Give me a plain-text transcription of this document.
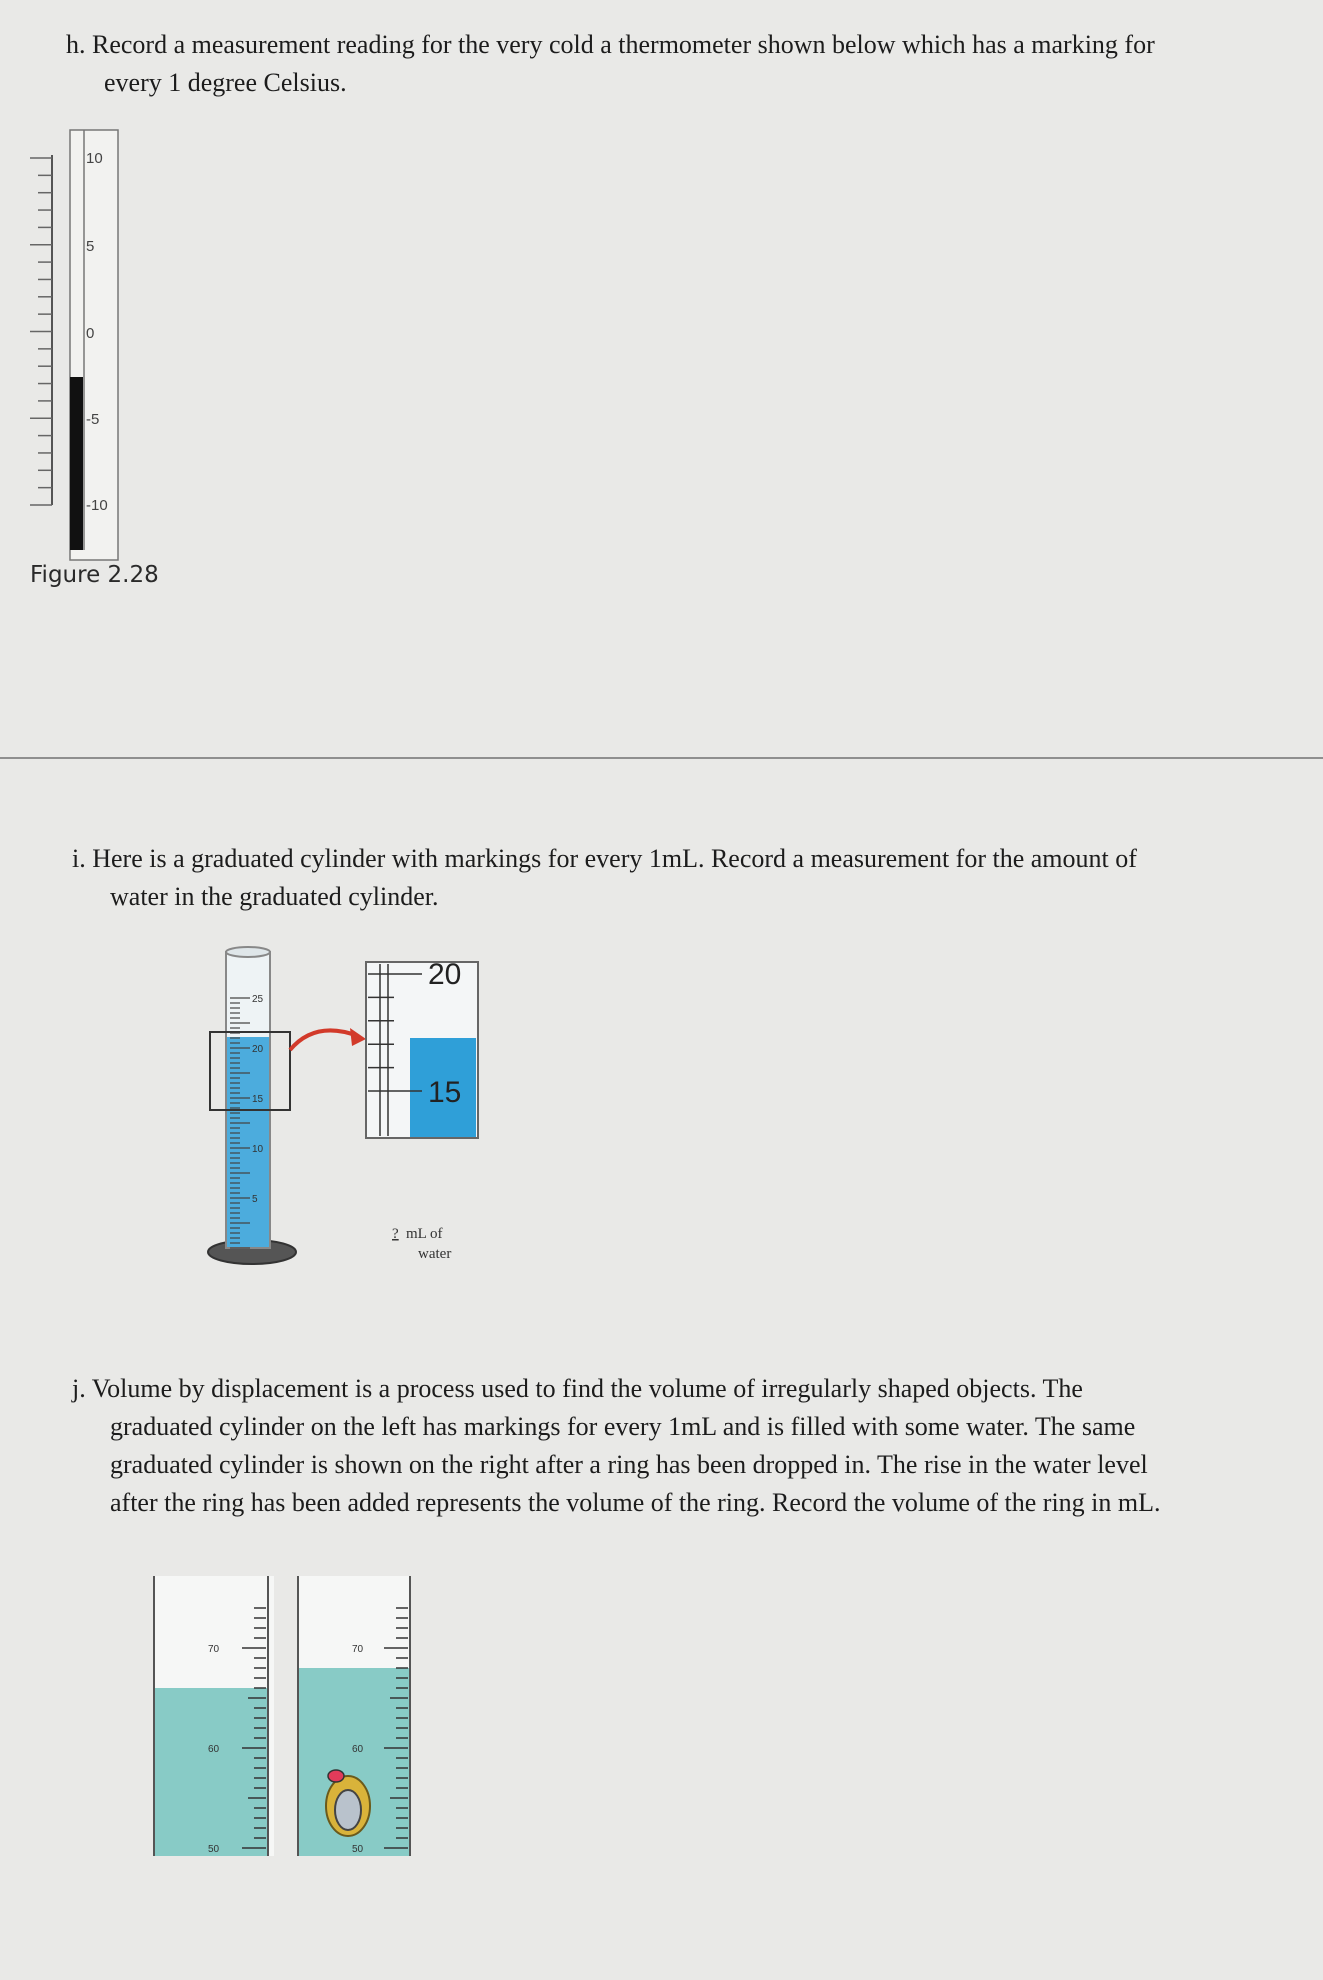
h. Record a measurement reading for the very cold a thermometer shown below which has a marking for
every 1 degree Celsius.
10
5
0
-5
-10
Figure 2.28
i. Here is a graduated cylinder with markings for every 1mL. Record a measurement for the amount of
water in the graduated cylinder.
25
20
15
10
5
20
15
? mL of
water
j. Volume by displacement is a process used to find the volume of irregularly shaped objects. The
graduated cylinder on the left has markings for every 1mL and is filled with some water. The same
graduated cylinder is shown on the right after a ring has been dropped in. The rise in the water level
after the ring has been added represents the volume of the ring. Record the volume of the ring in mL.
70
60
50
70
60
50
